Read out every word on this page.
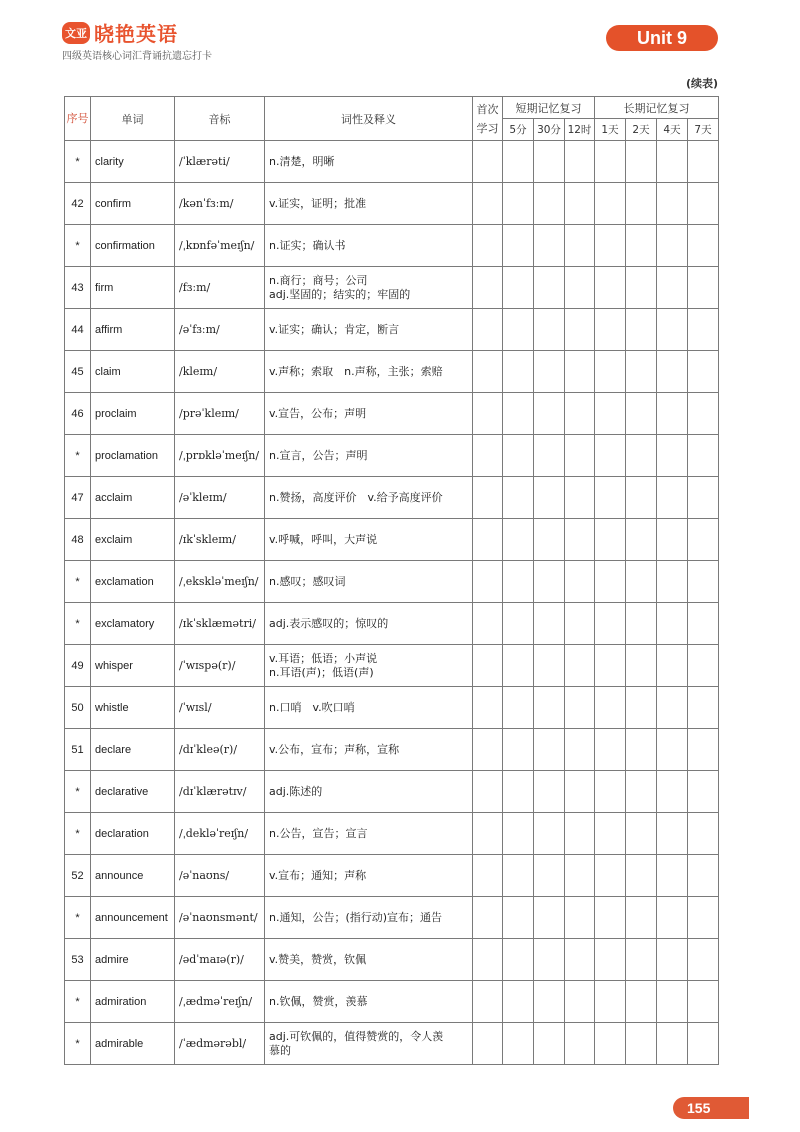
文亚 晓艳英语
四级英语核心词汇背诵抗遗忘打卡
Unit 9
(续表)
序号	单词	音标	词性及释义	首次学习	短期记忆复习			长期记忆复习			
					5分	30分	12时	1天	2天	4天	7天
*	clarity	/ˈklærəti/	n.清楚，明晰								

42	confirm	/kənˈfɜːm/	v.证实，证明；批准								

*	confirmation	/ˌkɒnfəˈmeɪʃn/	n.证实；确认书								

43	firm	/fɜːm/	n.商行；商号；公司
adj.坚固的；结实的；牢固的								

44	affirm	/əˈfɜːm/	v.证实；确认；肯定，断言								

45	claim	/kleɪm/	v.声称；索取　n.声称，主张；索赔								

46	proclaim	/prəˈkleɪm/	v.宣告，公布；声明								

*	proclamation	/ˌprɒkləˈmeɪʃn/	n.宣言，公告；声明								

47	acclaim	/əˈkleɪm/	n.赞扬，高度评价　v.给予高度评价								

48	exclaim	/ɪkˈskleɪm/	v.呼喊，呼叫，大声说								

*	exclamation	/ˌekskləˈmeɪʃn/	n.感叹；感叹词								

*	exclamatory	/ɪkˈsklæmətri/	adj.表示感叹的；惊叹的								

49	whisper	/ˈwɪspə(r)/	v.耳语；低语；小声说
n.耳语(声)；低语(声)								

50	whistle	/ˈwɪsl/	n.口哨　v.吹口哨								

51	declare	/dɪˈkleə(r)/	v.公布，宣布；声称，宣称								

*	declarative	/dɪˈklærətɪv/	adj.陈述的								

*	declaration	/ˌdekləˈreɪʃn/	n.公告，宣告；宣言								

52	announce	/əˈnaʊns/	v.宣布；通知；声称								

*	announcement	/əˈnaʊnsmənt/	n.通知，公告；(指行动)宣布；通告								

53	admire	/ədˈmaɪə(r)/	v.赞美，赞赏，钦佩								

*	admiration	/ˌædməˈreɪʃn/	n.钦佩，赞赏，羡慕								

*	admirable	/ˈædmərəbl/	adj.可钦佩的，值得赞赏的，令人羡
慕的								

155
